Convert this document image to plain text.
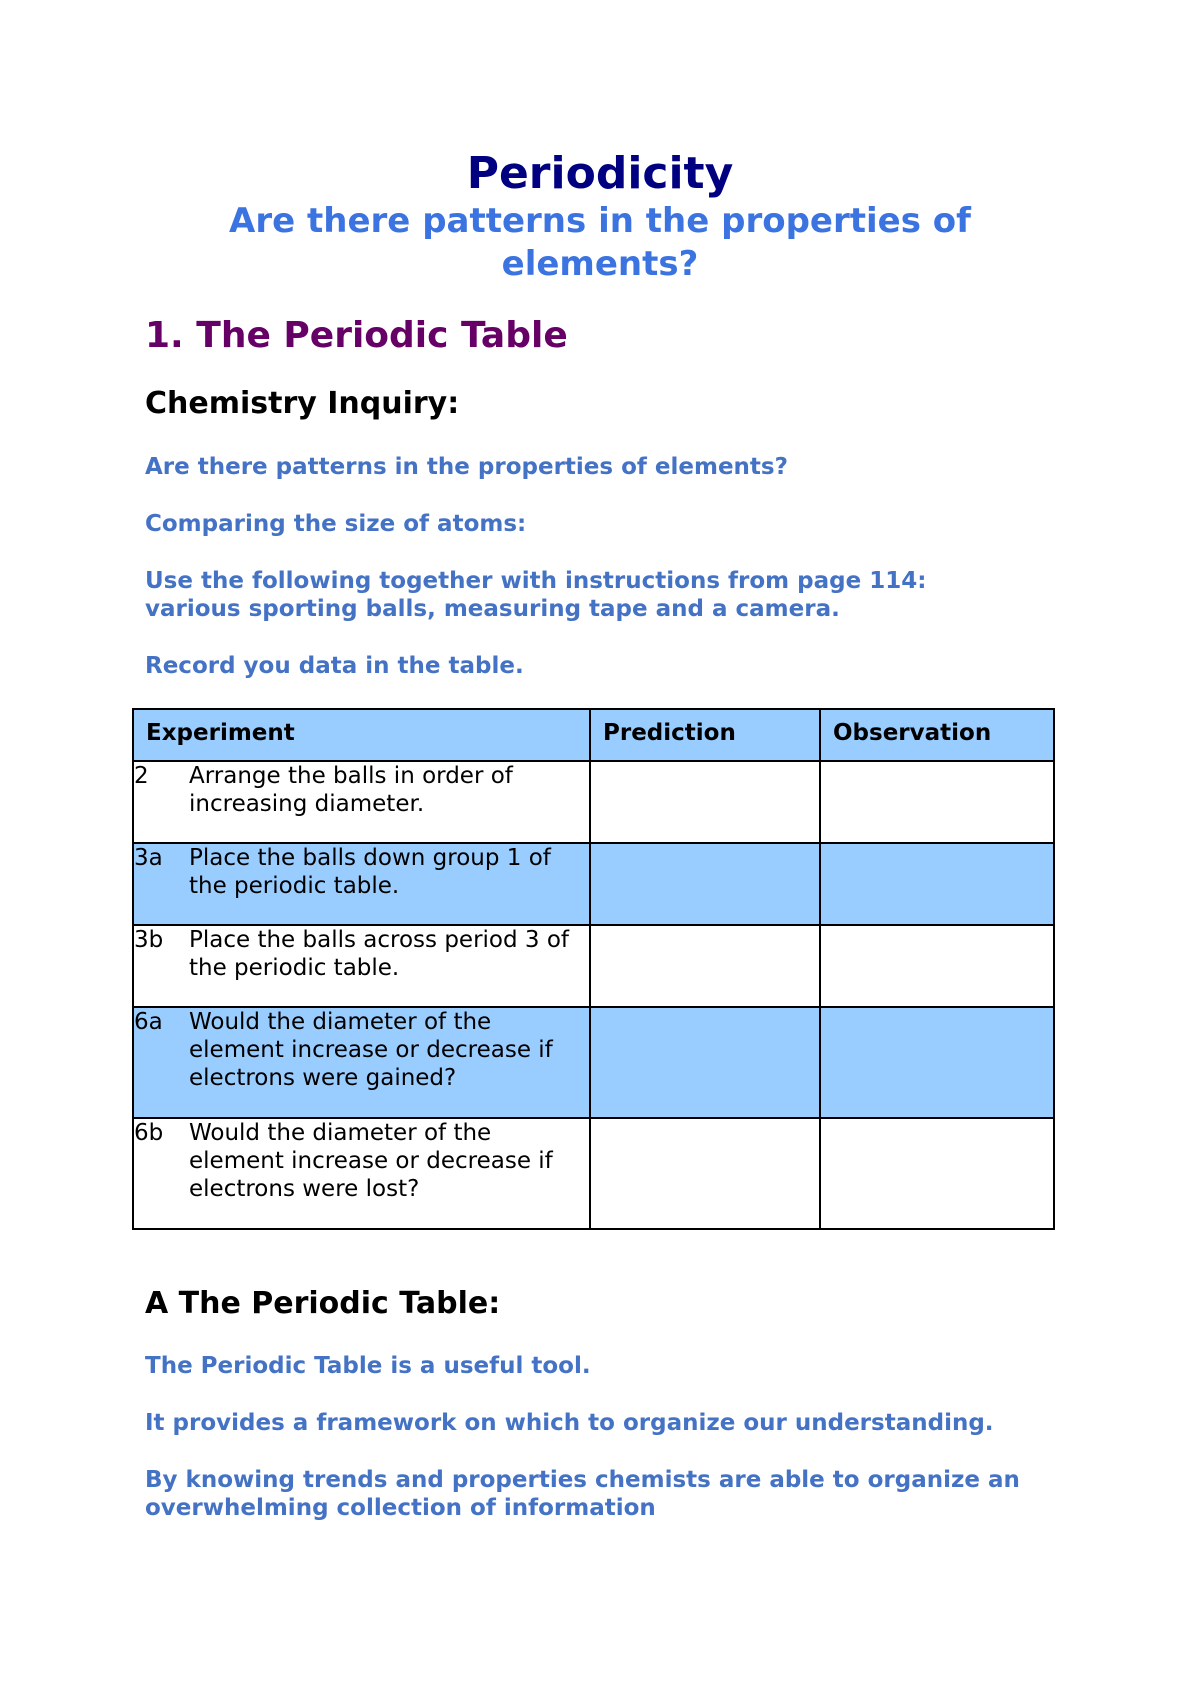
Periodicity
Are there patterns in the properties of elements?
1. The Periodic Table
Chemistry Inquiry:

Are there patterns in the properties of elements?

Comparing the size of atoms:

Use the following together with instructions from page 114: various sporting balls, measuring tape and a camera.

Record you data in the table.

Experiment	Prediction	Observation

2 Arrange the balls in order of increasing diameter.		

3a Place the balls down group 1 of the periodic table.		

3b Place the balls across period 3 of the periodic table.		

6a Would the diameter of the element increase or decrease if electrons were gained?		

6b Would the diameter of the element increase or decrease if electrons were lost?		

A The Periodic Table:

The Periodic Table is a useful tool.

It provides a framework on which to organize our understanding.

By knowing trends and properties chemists are able to organize an overwhelming collection of information
